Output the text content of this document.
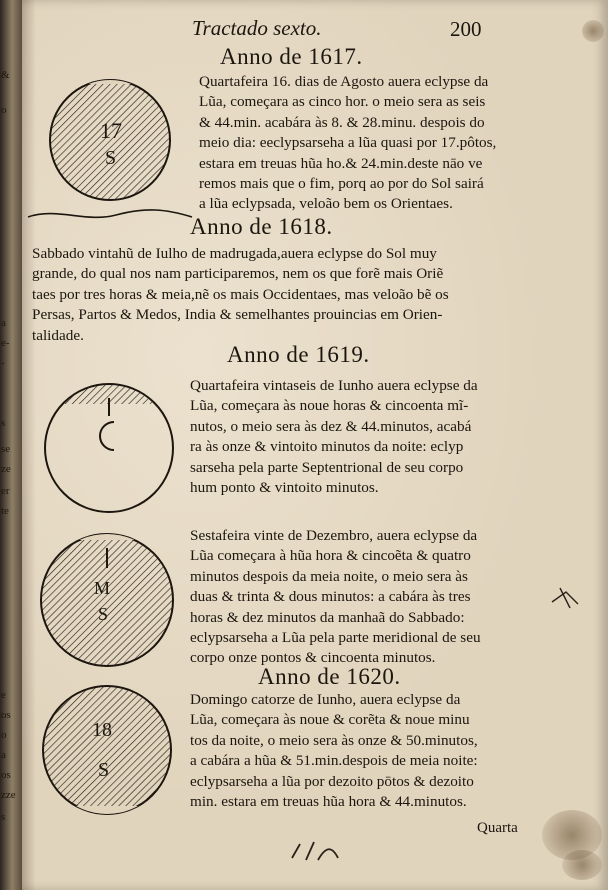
&
o
a
e-
-
s
se
ze
er
te
e
os
o
a
os
zze
s
Tractado sexto.	200
Anno de 1617.

Quartafeira 16. dias de Agosto auera eclypse da
Lũa, começara as cinco hor. o meio sera as seis
& 44.min. acabára às 8. & 28.minu. despois do
meio dia: eeclypsarseha a lũa quasi por 17.pôtos,
estara em treuas hũa ho.& 24.min.deste nāo ve
remos mais que o fim, porq ao por do Sol sairá
a lũa eclypsada, veloão bem os Orientaes.

17
S
Anno de 1618.

Sabbado vintahũ de Iulho de madrugada,auera eclypse do Sol muy
grande, do qual nos nam participaremos, nem os que forẽ mais Oriẽ
taes por tres horas & meia,nẽ os mais Occidentaes, mas veloão bẽ os
Persas, Partos & Medos, India & semelhantes prouincias em Orien-
talidade.

Anno de 1619.

Quartafeira vintaseis de Iunho auera eclypse da
Lũa, começara às noue horas & cincoenta mĩ-
nutos, o meio sera às dez & 44.minutos, acabá
ra às onze & vintoito minutos da noite: eclyp
sarseha pela parte Septentrional de seu corpo
hum ponto & vintoito minutos.

M
S

Sestafeira vinte de Dezembro, auera eclypse da
Lũa começara à hũa hora & cincoẽta & quatro
minutos despois da meia noite, o meio sera às
duas & trinta & dous minutos: a cabára às tres
horas & dez minutos da manhaã do Sabbado:
eclypsarseha a Lũa pela parte meridional de seu
corpo onze pontos & cincoenta minutos.

Anno de 1620.
18
S

Domingo catorze de Iunho, auera eclypse da
Lũa, começara às noue & corẽta & noue minu
tos da noite, o meio sera às onze & 50.minutos,
a cabára a hũa & 51.min.despois de meia noite:
eclypsarseha a lũa por dezoito pōtos & dezoito
min. estara em treuas hũa hora & 44.minutos.

Quarta
